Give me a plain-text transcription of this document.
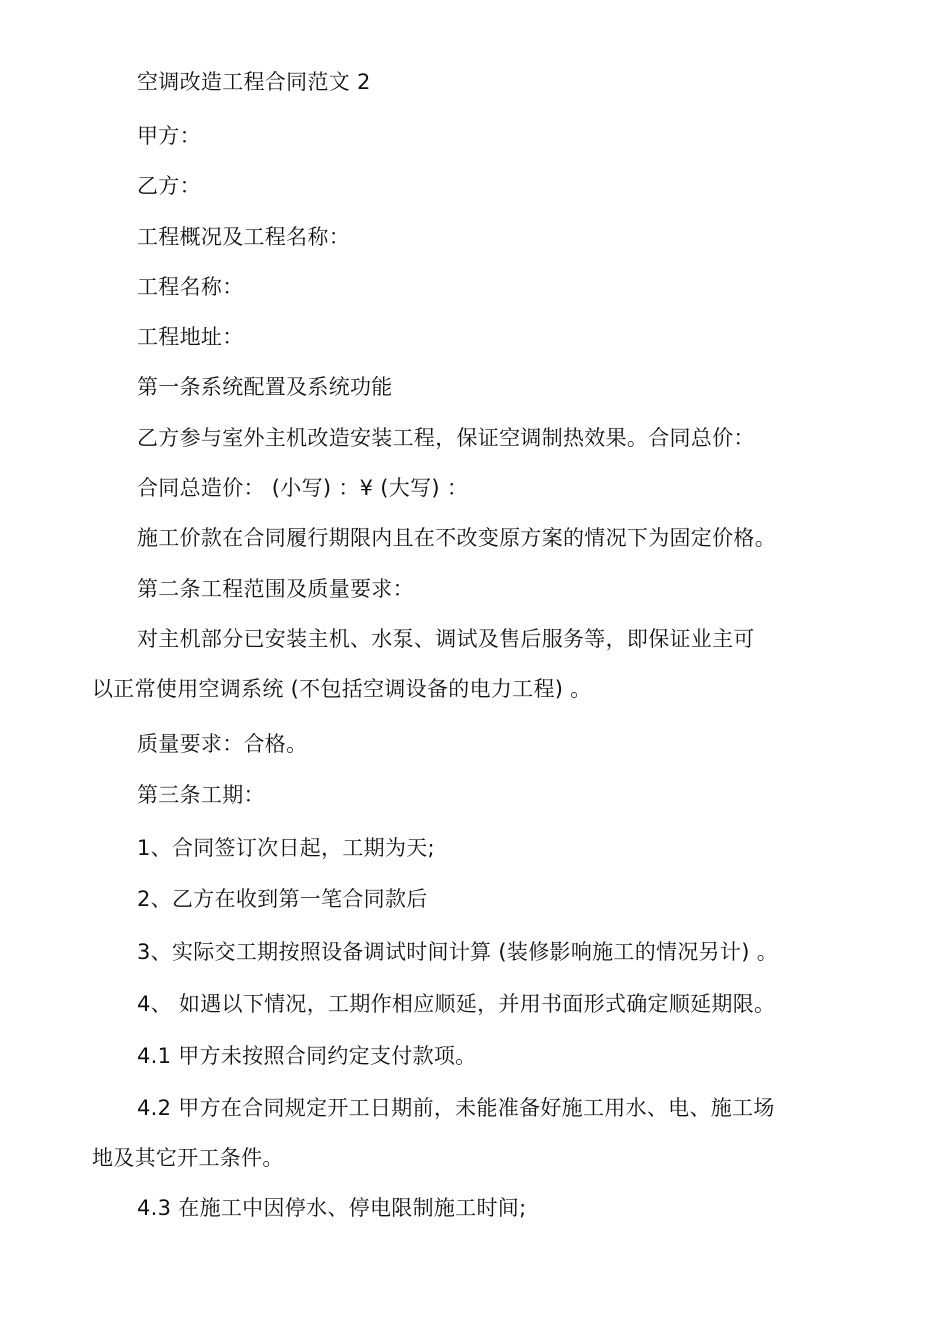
空调改造工程合同范文 2
甲方：
乙方：
工程概况及工程名称：
工程名称：
工程地址：
第一条系统配置及系统功能
乙方参与室外主机改造安装工程，保证空调制热效果。合同总价：
合同总造价： (小写) ：¥ (大写) ：
施工价款在合同履行期限内且在不改变原方案的情况下为固定价格。
第二条工程范围及质量要求：
对主机部分已安装主机、水泵、调试及售后服务等，即保证业主可
以正常使用空调系统 (不包括空调设备的电力工程) 。
质量要求：合格。
第三条工期：
1、合同签订次日起，工期为天;
2、乙方在收到第一笔合同款后
3、实际交工期按照设备调试时间计算 (装修影响施工的情况另计) 。
4、 如遇以下情况，工期作相应顺延，并用书面形式确定顺延期限。
4.1 甲方未按照合同约定支付款项。
4.2 甲方在合同规定开工日期前，未能准备好施工用水、电、施工场
地及其它开工条件。
4.3 在施工中因停水、停电限制施工时间;
